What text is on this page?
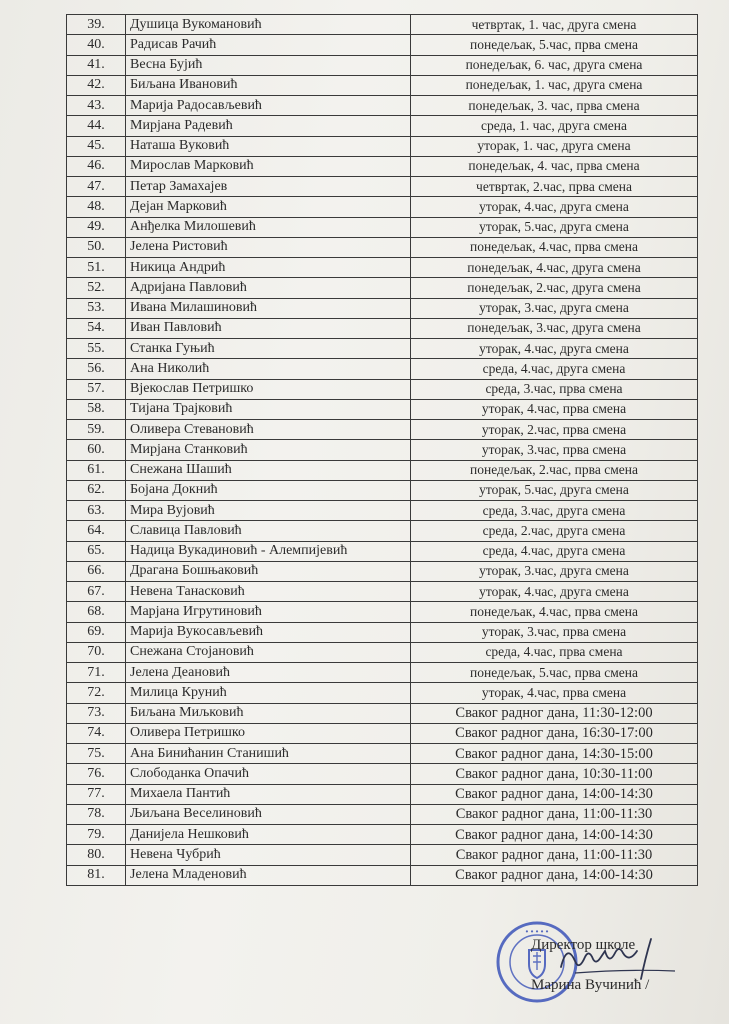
39.	Душица Вукомановић	четвртак, 1. час, друга смена
40.	Радисав Рачић	понедељак, 5.час, прва смена
41.	Весна Бујић	понедељак, 6. час, друга смена
42.	Биљана Ивановић	понедељак, 1. час, друга смена
43.	Марија Радосављевић	понедељак, 3. час, прва смена
44.	Мирјана Радевић	среда, 1. час, друга смена
45.	Наташа Вуковић	уторак, 1. час, друга смена
46.	Мирослав Марковић	понедељак, 4. час, прва смена
47.	Петар Замахајев	четвртак, 2.час, прва смена
48.	Дејан Марковић	уторак, 4.час, друга смена
49.	Анђелка Милошевић	уторак, 5.час, друга смена
50.	Јелена Ристовић	понедељак, 4.час, прва смена
51.	Никица Андрић	понедељак, 4.час, друга смена
52.	Адријана Павловић	понедељак, 2.час, друга смена
53.	Ивана Милашиновић	уторак, 3.час, друга смена
54.	Иван Павловић	понедељак, 3.час, друга смена
55.	Станка Гуњић	уторак, 4.час, друга смена
56.	Ана Николић	среда, 4.час, друга смена
57.	Вјекослав Петришко	среда, 3.час, прва смена
58.	Тијана Трајковић	уторак, 4.час, прва смена
59.	Оливера Стевановић	уторак, 2.час, прва смена
60.	Мирјана Станковић	уторак, 3.час, прва смена
61.	Снежана Шашић	понедељак, 2.час, прва смена
62.	Бојана Докнић	уторак, 5.час, друга смена
63.	Мира Вујовић	среда, 3.час, друга смена
64.	Славица Павловић	среда, 2.час, друга смена
65.	Надица Вукадиновић - Алемпијевић	среда, 4.час, друга смена
66.	Драгана Бошњаковић	уторак, 3.час, друга смена
67.	Невена Танасковић	уторак, 4.час, друга смена
68.	Марјана Игрутиновић	понедељак, 4.час, прва смена
69.	Марија Вукосављевић	уторак, 3.час, прва смена
70.	Снежана Стојановић	среда, 4.час, прва смена
71.	Јелена Деановић	понедељак, 5.час, прва смена
72.	Милица Крунић	уторак, 4.час, прва смена
73.	Биљана Миљковић	Сваког радног дана, 11:30-12:00
74.	Оливера Петришко	Сваког радног дана, 16:30-17:00
75.	Ана Бинићанин Станишић	Сваког радног дана, 14:30-15:00
76.	Слободанка Опачић	Сваког радног дана, 10:30-11:00
77.	Михаела Пантић	Сваког радног дана, 14:00-14:30
78.	Љиљана Веселиновић	Сваког радног дана, 11:00-11:30
79.	Данијела Нешковић	Сваког радног дана, 14:00-14:30
80.	Невена Чубрић	Сваког радног дана, 11:00-11:30
81.	Јелена Младеновић	Сваког радног дана, 14:00-14:30
• • • • •
Директор школе
Марина Вучинић /
